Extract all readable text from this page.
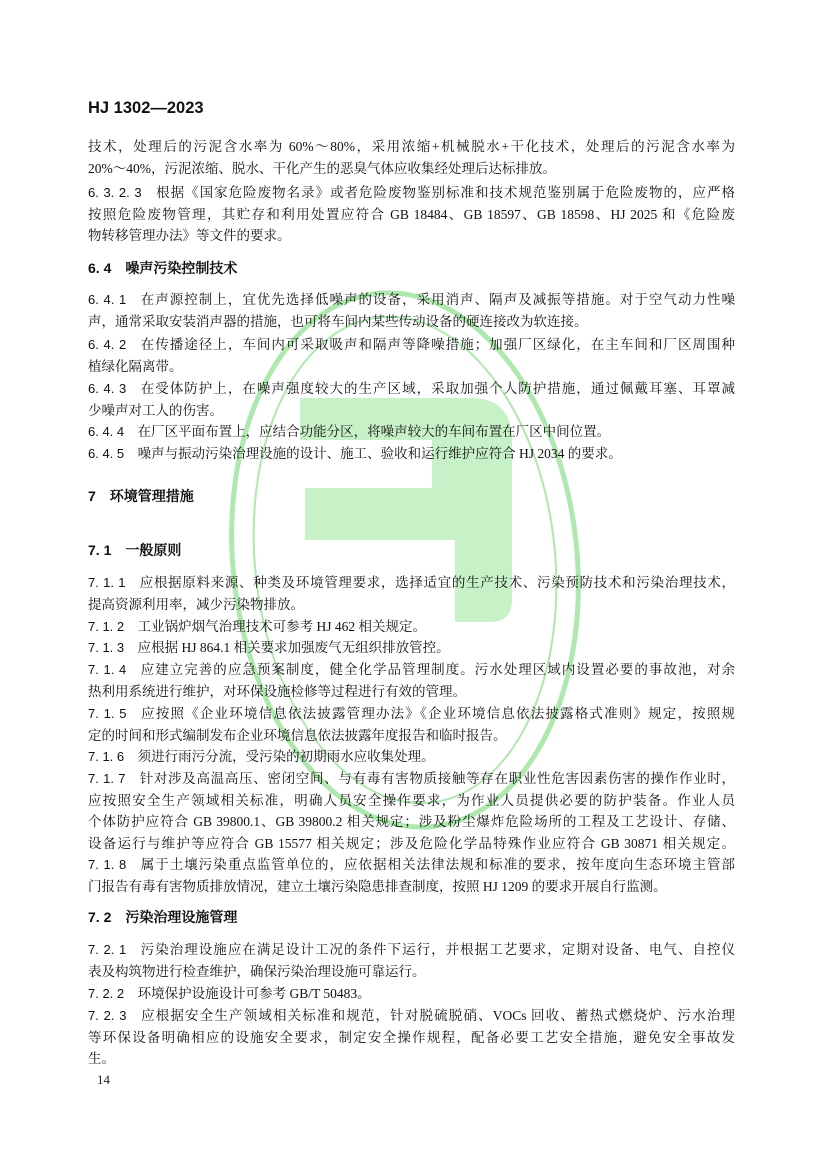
HJ 1302—2023
技术，处理后的污泥含水率为 60%～80%，采用浓缩+机械脱水+干化技术，处理后的污泥含水率为
20%～40%，污泥浓缩、脱水、干化产生的恶臭气体应收集经处理后达标排放。
6. 3. 2. 3 根据《国家危险废物名录》或者危险废物鉴别标准和技术规范鉴别属于危险废物的，应严格
按照危险废物管理，其贮存和利用处置应符合 GB 18484、GB 18597、GB 18598、HJ 2025 和《危险废
物转移管理办法》等文件的要求。
6. 4 噪声污染控制技术
6. 4. 1 在声源控制上，宜优先选择低噪声的设备，采用消声、隔声及减振等措施。对于空气动力性噪
声，通常采取安装消声器的措施，也可将车间内某些传动设备的硬连接改为软连接。
6. 4. 2 在传播途径上，车间内可采取吸声和隔声等降噪措施；加强厂区绿化，在主车间和厂区周围种
植绿化隔离带。
6. 4. 3 在受体防护上，在噪声强度较大的生产区域，采取加强个人防护措施，通过佩戴耳塞、耳罩减
少噪声对工人的伤害。
6. 4. 4 在厂区平面布置上，应结合功能分区，将噪声较大的车间布置在厂区中间位置。
6. 4. 5 噪声与振动污染治理设施的设计、施工、验收和运行维护应符合 HJ 2034 的要求。
7 环境管理措施
7. 1 一般原则
7. 1. 1 应根据原料来源、种类及环境管理要求，选择适宜的生产技术、污染预防技术和污染治理技术，
提高资源利用率，减少污染物排放。
7. 1. 2 工业锅炉烟气治理技术可参考 HJ 462 相关规定。
7. 1. 3 应根据 HJ 864.1 相关要求加强废气无组织排放管控。
7. 1. 4 应建立完善的应急预案制度，健全化学品管理制度。污水处理区域内设置必要的事故池，对余
热利用系统进行维护，对环保设施检修等过程进行有效的管理。
7. 1. 5 应按照《企业环境信息依法披露管理办法》《企业环境信息依法披露格式准则》规定，按照规
定的时间和形式编制发布企业环境信息依法披露年度报告和临时报告。
7. 1. 6 须进行雨污分流，受污染的初期雨水应收集处理。
7. 1. 7 针对涉及高温高压、密闭空间、与有毒有害物质接触等存在职业性危害因素伤害的操作作业时，
应按照安全生产领域相关标准，明确人员安全操作要求，为作业人员提供必要的防护装备。作业人员
个体防护应符合 GB 39800.1、GB 39800.2 相关规定；涉及粉尘爆炸危险场所的工程及工艺设计、存储、
设备运行与维护等应符合 GB 15577 相关规定；涉及危险化学品特殊作业应符合 GB 30871 相关规定。
7. 1. 8 属于土壤污染重点监管单位的，应依据相关法律法规和标准的要求，按年度向生态环境主管部
门报告有毒有害物质排放情况，建立土壤污染隐患排查制度，按照 HJ 1209 的要求开展自行监测。
7. 2 污染治理设施管理
7. 2. 1 污染治理设施应在满足设计工况的条件下运行，并根据工艺要求，定期对设备、电气、自控仪
表及构筑物进行检查维护，确保污染治理设施可靠运行。
7. 2. 2 环境保护设施设计可参考 GB/T 50483。
7. 2. 3 应根据安全生产领域相关标准和规范，针对脱硫脱硝、VOCs 回收、蓄热式燃烧炉、污水治理
等环保设备明确相应的设施安全要求，制定安全操作规程，配备必要工艺安全措施，避免安全事故发
生。
14
